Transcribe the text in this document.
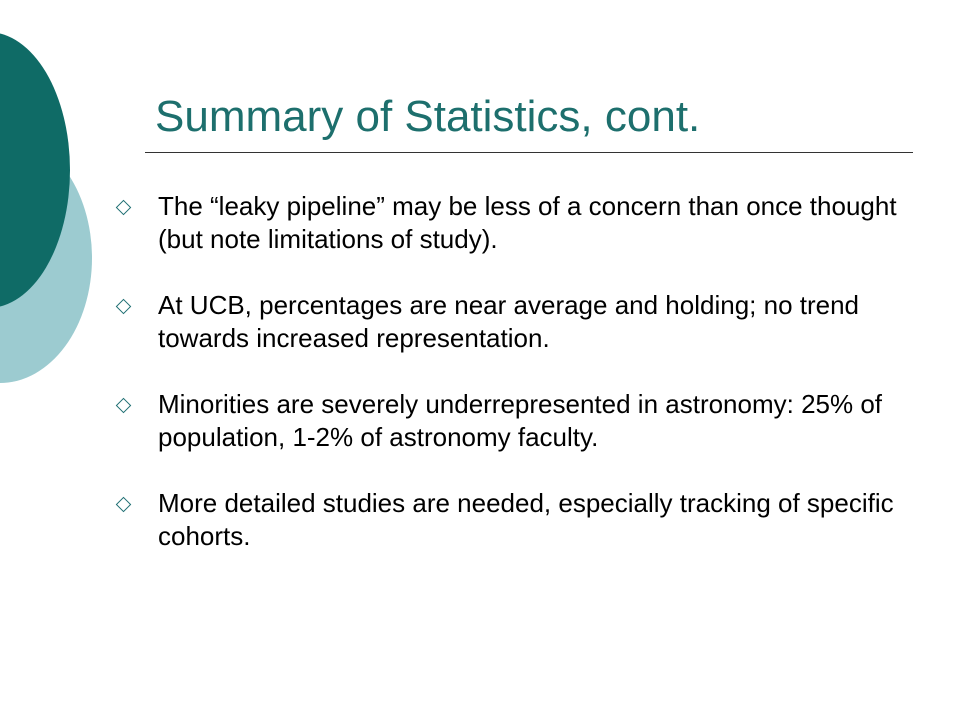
Summary of Statistics, cont.
The “leaky pipeline” may be less of a concern than once thought (but note limitations of study).
At UCB, percentages are near average and holding; no trend towards increased representation.
Minorities are severely underrepresented in astronomy: 25% of population, 1-2% of astronomy faculty.
More detailed studies are needed, especially tracking of specific cohorts.
